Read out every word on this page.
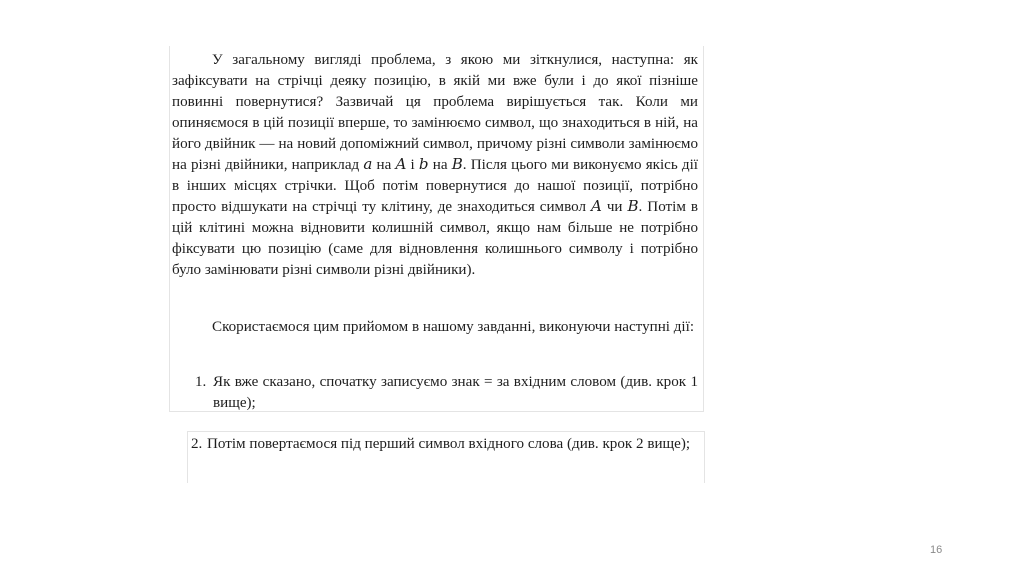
У загальному вигляді проблема, з якою ми зіткнулися, наступна: як зафіксувати на стрічці деяку позицію, в якій ми вже були і до якої пізніше повинні повернутися? Зазвичай ця проблема вирішується так. Коли ми опиняємося в цій позиції вперше, то замінюємо символ, що знаходиться в ній, на його двійник — на новий допоміжний символ, причому різні символи замінюємо на різні двійники, наприклад 𝑎 на 𝐴 і 𝑏 на 𝐵. Після цього ми виконуємо якісь дії в інших місцях стрічки. Щоб потім повернутися до нашої позиції, потрібно просто відшукати на стрічці ту клітину, де знаходиться символ 𝐴 чи 𝐵. Потім в цій клітині можна відновити колишній символ, якщо нам більше не потрібно фіксувати цю позицію (саме для відновлення колишнього символу і потрібно було замінювати різні символи різні двійники).
Скористаємося цим прийомом в нашому завданні, виконуючи наступні дії:
1. Як вже сказано, спочатку записуємо знак = за вхідним словом (див. крок 1 вище);
2. Потім повертаємося під перший символ вхідного слова (див. крок 2 вище);
16
